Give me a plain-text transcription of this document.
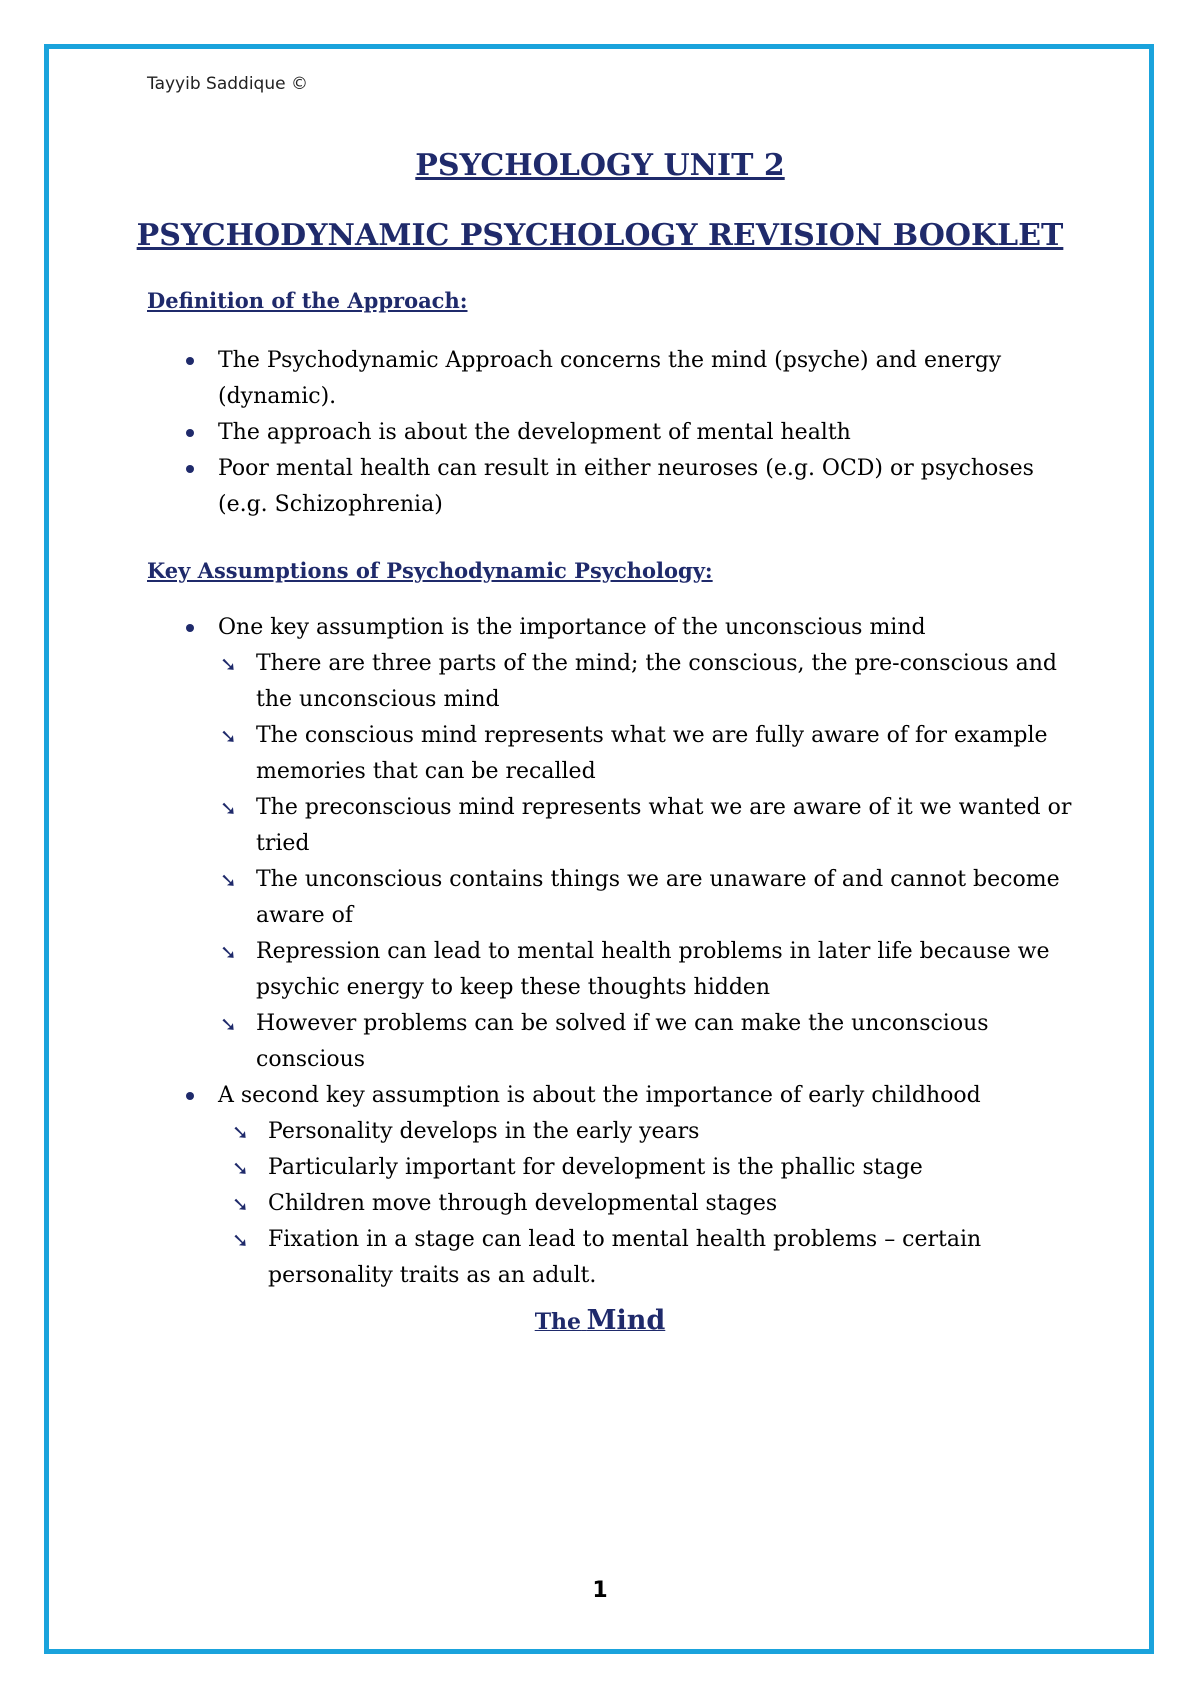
Tayyib Saddique ©
PSYCHOLOGY UNIT 2
PSYCHODYNAMIC PSYCHOLOGY REVISION BOOKLET
Definition of the Approach:
The Psychodynamic Approach concerns the mind (psyche) and energy (dynamic).
The approach is about the development of mental health
Poor mental health can result in either neuroses (e.g. OCD) or psychoses (e.g. Schizophrenia)
Key Assumptions of Psychodynamic Psychology:
One key assumption is the importance of the unconscious mind
➘ There are three parts of the mind; the conscious, the pre-conscious and the unconscious mind
➘ The conscious mind represents what we are fully aware of for example memories that can be recalled
➘ The preconscious mind represents what we are aware of it we wanted or tried
➘ The unconscious contains things we are unaware of and cannot become aware of
➘ Repression can lead to mental health problems in later life because we psychic energy to keep these thoughts hidden
➘ However problems can be solved if we can make the unconscious conscious
A second key assumption is about the importance of early childhood
➘ Personality develops in the early years
➘ Particularly important for development is the phallic stage
➘ Children move through developmental stages
➘ Fixation in a stage can lead to mental health problems – certain personality traits as an adult.
The Mind
1
